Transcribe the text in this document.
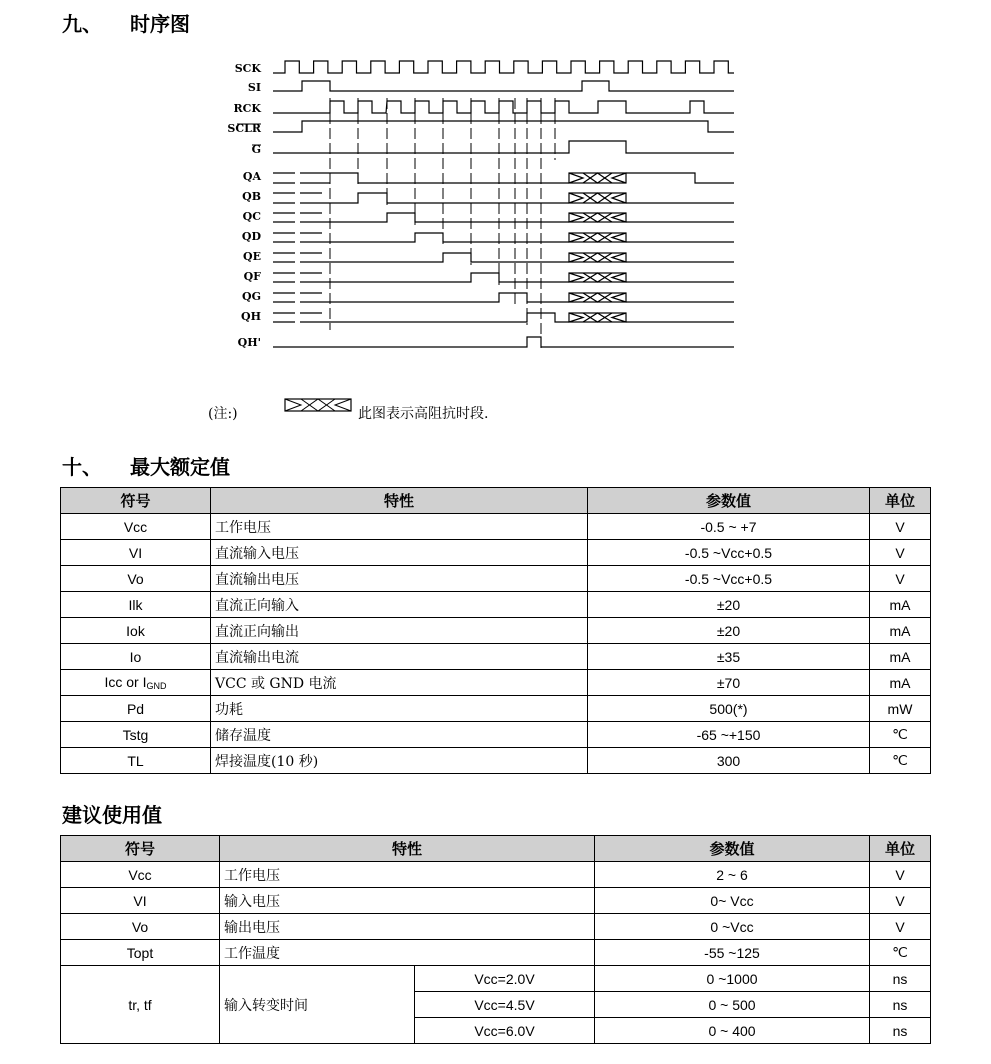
九、 时序图
SCK
SI
RCK
SCLR
G
QA
QB
QC
QD
QE
QF
QG
QH
QH'
(注:)	此图表示高阻抗时段.
十、 最大额定值
符号	特性	参数值	单位
Vcc	工作电压	-0.5 ~ +7	V
VI	直流输入电压	-0.5 ~Vcc+0.5	V
Vo	直流输出电压	-0.5 ~Vcc+0.5	V
Ilk	直流正向输入	±20	mA
Iok	直流正向输出	±20	mA
Io	直流输出电流	±35	mA
Icc or $I_{GND}$	VCC 或 GND 电流	±70	mA
Pd	功耗	500(*)	mW
Tstg	储存温度	-65 ~+150	℃
TL	焊接温度(10 秒)	300	℃
建议使用值
符号	特性		参数值	单位
Vcc	工作电压		2 ~ 6	V
VI	输入电压		0~ Vcc	V
Vo	输出电压		0 ~Vcc	V
Topt	工作温度		-55 ~125	℃
tr, tf	输入转变时间	Vcc=2.0V	0 ~1000	ns
		Vcc=4.5V	0 ~ 500	ns
		Vcc=6.0V	0 ~ 400	ns
